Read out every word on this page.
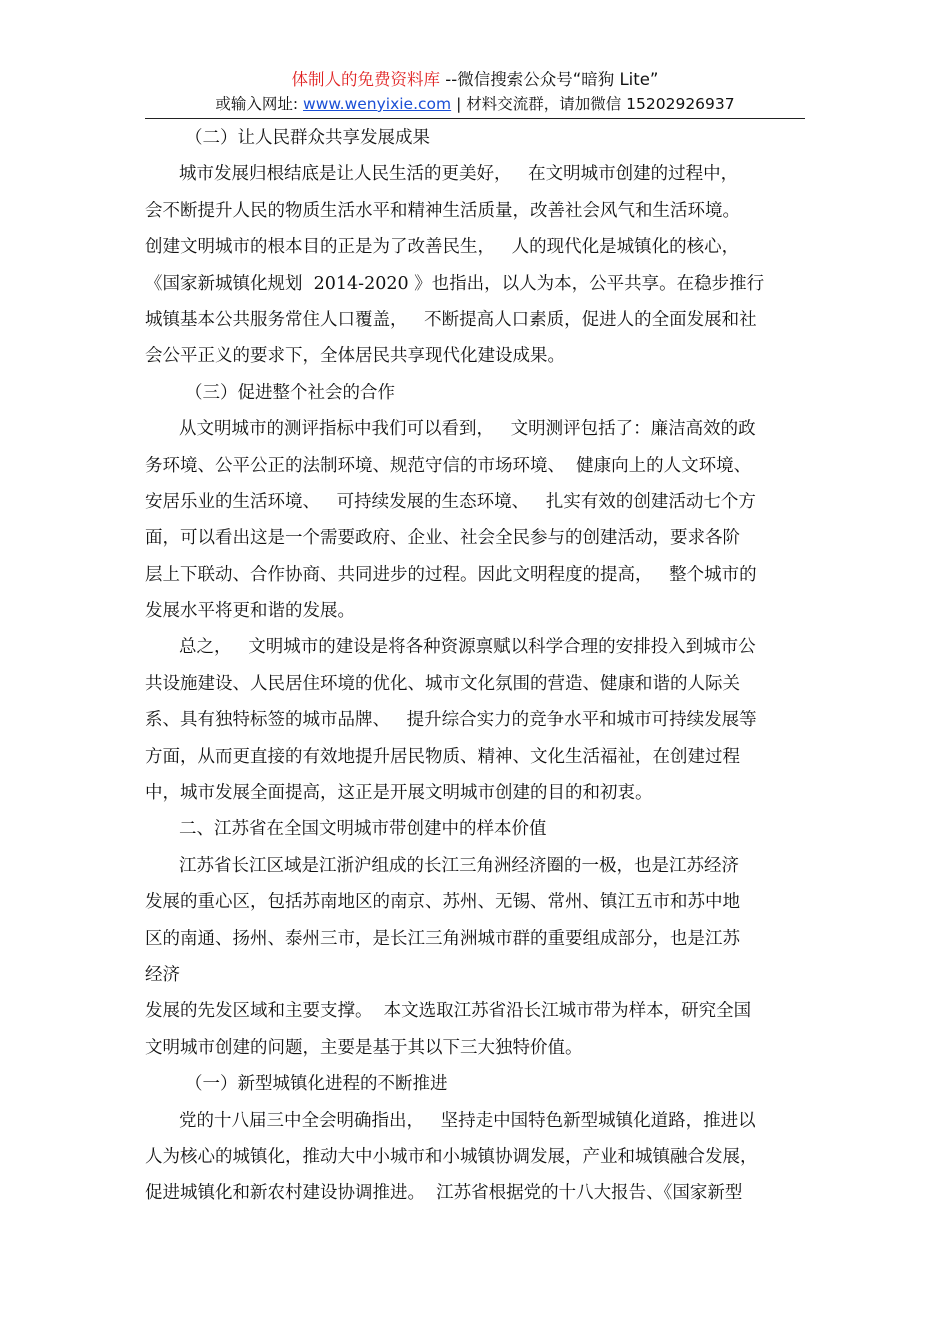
体制人的免费资料库 --微信搜索公众号“暗狗 Lite”
或输入网址: www.wenyixie.com | 材料交流群，请加微信 15202926937
（二）让人民群众共享发展成果
城市发展归根结底是让人民生活的更美好，   在文明城市创建的过程中，
会不断提升人民的物质生活水平和精神生活质量，改善社会风气和生活环境。
创建文明城市的根本目的正是为了改善民生，   人的现代化是城镇化的核心，
《国家新城镇化规划  2014-2020 》也指出，以人为本，公平共享。在稳步推行
城镇基本公共服务常住人口覆盖，   不断提高人口素质，促进人的全面发展和社
会公平正义的要求下，全体居民共享现代化建设成果。
（三）促进整个社会的合作
从文明城市的测评指标中我们可以看到，   文明测评包括了：廉洁高效的政
务环境、公平公正的法制环境、规范守信的市场环境、  健康向上的人文环境、
安居乐业的生活环境、   可持续发展的生态环境、   扎实有效的创建活动七个方
面，可以看出这是一个需要政府、企业、社会全民参与的创建活动，要求各阶
层上下联动、合作协商、共同进步的过程。因此文明程度的提高，   整个城市的
发展水平将更和谐的发展。
总之，   文明城市的建设是将各种资源禀赋以科学合理的安排投入到城市公
共设施建设、人民居住环境的优化、城市文化氛围的营造、健康和谐的人际关
系、具有独特标签的城市品牌、   提升综合实力的竞争水平和城市可持续发展等
方面，从而更直接的有效地提升居民物质、精神、文化生活福祉，在创建过程
中，城市发展全面提高，这正是开展文明城市创建的目的和初衷。
二、江苏省在全国文明城市带创建中的样本价值
江苏省长江区域是江浙沪组成的长江三角洲经济圈的一极，也是江苏经济
发展的重心区，包括苏南地区的南京、苏州、无锡、常州、镇江五市和苏中地
区的南通、扬州、泰州三市，是长江三角洲城市群的重要组成部分，也是江苏
经济
发展的先发区域和主要支撑。  本文选取江苏省沿长江城市带为样本，研究全国
文明城市创建的问题，主要是基于其以下三大独特价值。
（一）新型城镇化进程的不断推进
党的十八届三中全会明确指出，   坚持走中国特色新型城镇化道路，推进以
人为核心的城镇化，推动大中小城市和小城镇协调发展，产业和城镇融合发展，
促进城镇化和新农村建设协调推进。  江苏省根据党的十八大报告、《国家新型
